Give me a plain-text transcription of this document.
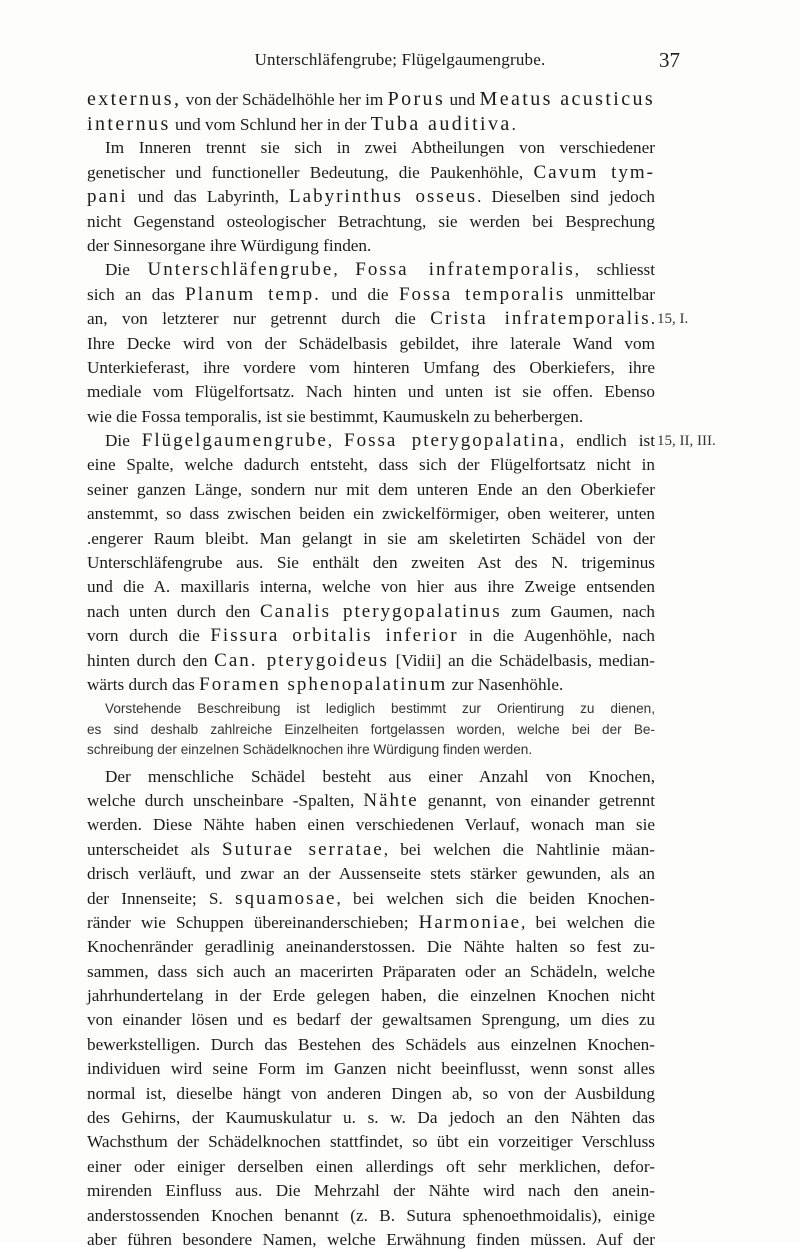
Unterschläfengrube; Flügelgaumengrube.	37
externus, von der Schädelhöhle her im Porus und Meatus acusticus
internus und vom Schlund her in der Tuba auditiva.
Im Inneren trennt sie sich in zwei Abtheilungen von verschiedener
genetischer und functioneller Bedeutung, die Paukenhöhle, Cavum tym-
pani und das Labyrinth, Labyrinthus osseus. Dieselben sind jedoch
nicht Gegenstand osteologischer Betrachtung, sie werden bei Besprechung
der Sinnesorgane ihre Würdigung finden.
Die Unterschläfengrube, Fossa infratemporalis, schliesst
sich an das Planum temp. und die Fossa temporalis unmittelbar
an, von letzterer nur getrennt durch die Crista infratemporalis. 15, I.
Ihre Decke wird von der Schädelbasis gebildet, ihre laterale Wand vom
Unterkieferast, ihre vordere vom hinteren Umfang des Oberkiefers, ihre
mediale vom Flügelfortsatz. Nach hinten und unten ist sie offen. Ebenso
wie die Fossa temporalis, ist sie bestimmt, Kaumuskeln zu beherbergen.
Die Flügelgaumengrube, Fossa pterygopalatina, endlich ist 15, II, III.
eine Spalte, welche dadurch entsteht, dass sich der Flügelfortsatz nicht in
seiner ganzen Länge, sondern nur mit dem unteren Ende an den Oberkiefer
anstemmt, so dass zwischen beiden ein zwickelförmiger, oben weiterer, unten
.engerer Raum bleibt. Man gelangt in sie am skeletirten Schädel von der
Unterschläfengrube aus. Sie enthält den zweiten Ast des N. trigeminus
und die A. maxillaris interna, welche von hier aus ihre Zweige entsenden
nach unten durch den Canalis pterygopalatinus zum Gaumen, nach
vorn durch die Fissura orbitalis inferior in die Augenhöhle, nach
hinten durch den Can. pterygoideus [Vidii] an die Schädelbasis, median-
wärts durch das Foramen sphenopalatinum zur Nasenhöhle.
Vorstehende Beschreibung ist lediglich bestimmt zur Orientirung zu dienen,
es sind deshalb zahlreiche Einzelheiten fortgelassen worden, welche bei der Be-
schreibung der einzelnen Schädelknochen ihre Würdigung finden werden.
Der menschliche Schädel besteht aus einer Anzahl von Knochen,
welche durch unscheinbare -Spalten, Nähte genannt, von einander getrennt
werden. Diese Nähte haben einen verschiedenen Verlauf, wonach man sie
unterscheidet als Suturae serratae, bei welchen die Nahtlinie mäan-
drisch verläuft, und zwar an der Aussenseite stets stärker gewunden, als an
der Innenseite; S. squamosae, bei welchen sich die beiden Knochen-
ränder wie Schuppen übereinanderschieben; Harmoniae, bei welchen die
Knochenränder geradlinig aneinanderstossen. Die Nähte halten so fest zu-
sammen, dass sich auch an macerirten Präparaten oder an Schädeln, welche
jahrhundertelang in der Erde gelegen haben, die einzelnen Knochen nicht
von einander lösen und es bedarf der gewaltsamen Sprengung, um dies zu
bewerkstelligen. Durch das Bestehen des Schädels aus einzelnen Knochen-
individuen wird seine Form im Ganzen nicht beeinflusst, wenn sonst alles
normal ist, dieselbe hängt von anderen Dingen ab, so von der Ausbildung
des Gehirns, der Kaumuskulatur u. s. w. Da jedoch an den Nähten das
Wachsthum der Schädelknochen stattfindet, so übt ein vorzeitiger Verschluss
einer oder einiger derselben einen allerdings oft sehr merklichen, defor-
mirenden Einfluss aus. Die Mehrzahl der Nähte wird nach den anein-
anderstossenden Knochen benannt (z. B. Sutura sphenoethmoidalis), einige
aber führen besondere Namen, welche Erwähnung finden müssen. Auf der
